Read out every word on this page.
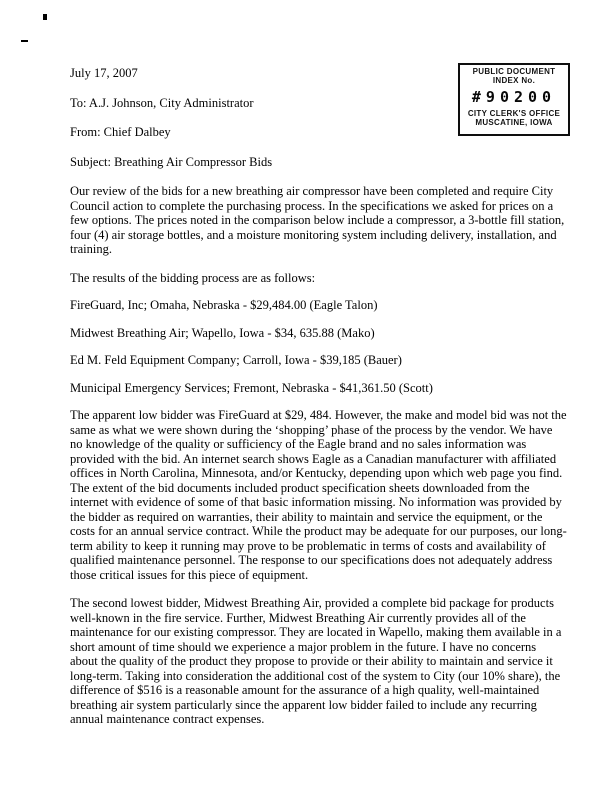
PUBLIC DOCUMENT
INDEX No.
#90200
CITY CLERK'S OFFICE
MUSCATINE, IOWA

July 17, 2007

To: A.J. Johnson, City Administrator

From: Chief Dalbey

Subject: Breathing Air Compressor Bids

Our review of the bids for a new breathing air compressor have been completed and require City Council action to complete the purchasing process. In the specifications we asked for prices on a few options. The prices noted in the comparison below include a compressor, a 3-bottle fill station, four (4) air storage bottles, and a moisture monitoring system including delivery, installation, and training.

The results of the bidding process are as follows:

FireGuard, Inc; Omaha, Nebraska - $29,484.00 (Eagle Talon)

Midwest Breathing Air; Wapello, Iowa - $34, 635.88 (Mako)

Ed M. Feld Equipment Company; Carroll, Iowa - $39,185 (Bauer)

Municipal Emergency Services; Fremont, Nebraska - $41,361.50 (Scott)

The apparent low bidder was FireGuard at $29, 484. However, the make and model bid was not the same as what we were shown during the ‘shopping’ phase of the process by the vendor. We have no knowledge of the quality or sufficiency of the Eagle brand and no sales information was provided with the bid. An internet search shows Eagle as a Canadian manufacturer with affiliated offices in North Carolina, Minnesota, and/or Kentucky, depending upon which web page you find. The extent of the bid documents included product specification sheets downloaded from the internet with evidence of some of that basic information missing. No information was provided by the bidder as required on warranties, their ability to maintain and service the equipment, or the costs for an annual service contract. While the product may be adequate for our purposes, our long-term ability to keep it running may prove to be problematic in terms of costs and availability of qualified maintenance personnel. The response to our specifications does not adequately address those critical issues for this piece of equipment.

The second lowest bidder, Midwest Breathing Air, provided a complete bid package for products well-known in the fire service. Further, Midwest Breathing Air currently provides all of the maintenance for our existing compressor. They are located in Wapello, making them available in a short amount of time should we experience a major problem in the future. I have no concerns about the quality of the product they propose to provide or their ability to maintain and service it long-term. Taking into consideration the additional cost of the system to City (our 10% share), the difference of $516 is a reasonable amount for the assurance of a high quality, well-maintained breathing air system particularly since the apparent low bidder failed to include any recurring annual maintenance contract expenses.
